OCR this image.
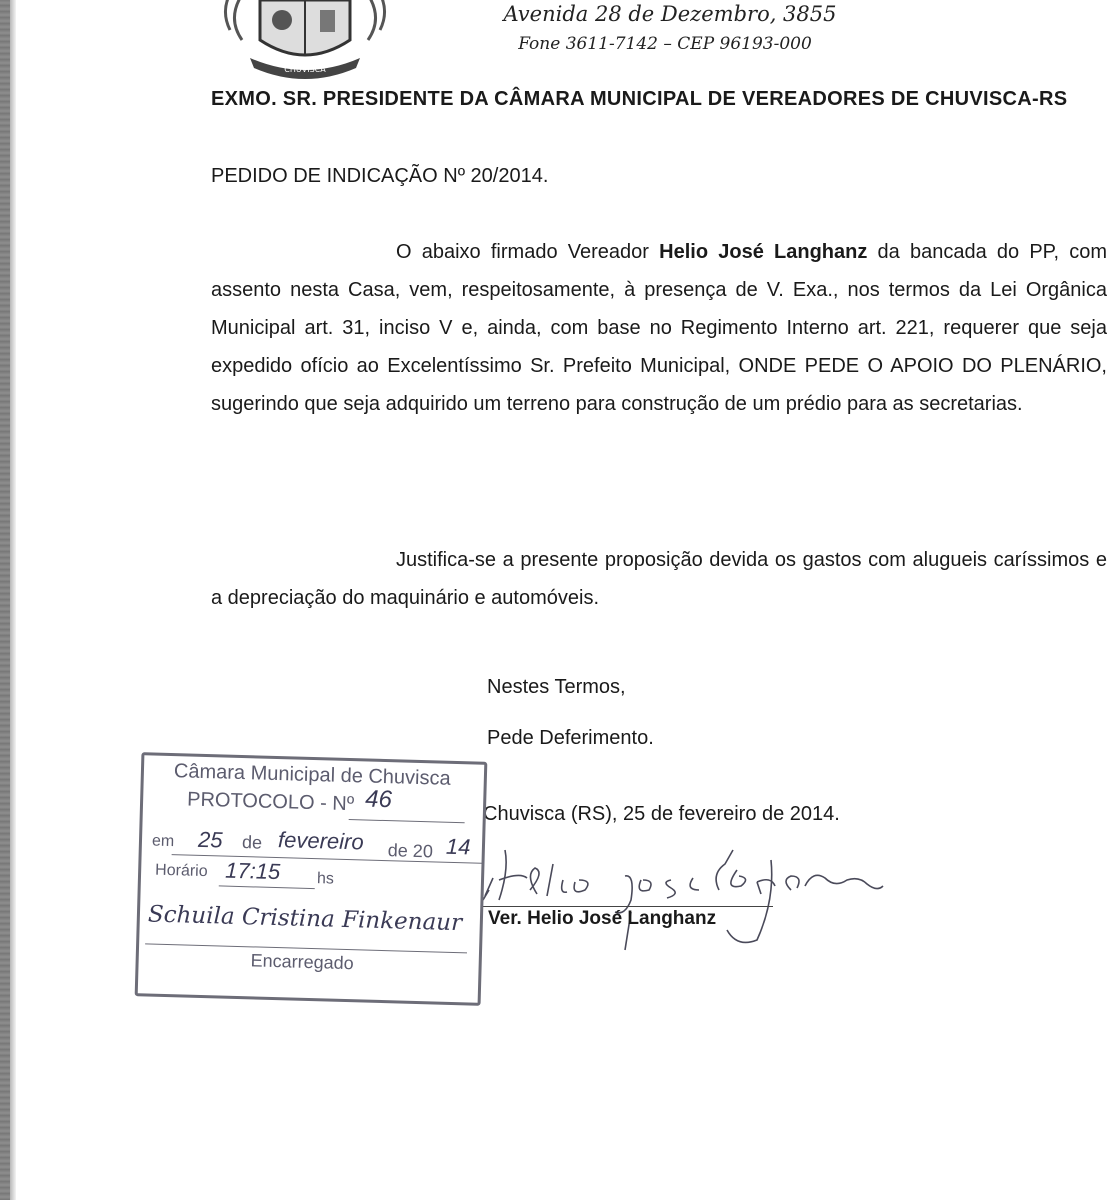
CHUVISCA
Avenida 28 de Dezembro, 3855
Fone 3611-7142 – CEP 96193-000
EXMO. SR. PRESIDENTE DA CÂMARA MUNICIPAL DE VEREADORES DE CHUVISCA-RS
PEDIDO DE INDICAÇÃO Nº 20/2014.
O abaixo firmado Vereador Helio José Langhanz da bancada do PP, com assento nesta Casa, vem, respeitosamente, à presença de V. Exa., nos termos da Lei Orgânica Municipal art. 31, inciso V e, ainda, com base no Regimento Interno art. 221, requerer que seja expedido ofício ao Excelentíssimo Sr. Prefeito Municipal, ONDE PEDE O APOIO DO PLENÁRIO, sugerindo que seja adquirido um terreno para construção de um prédio para as secretarias.
Justifica-se a presente proposição devida os gastos com alugueis caríssimos e a depreciação do maquinário e automóveis.
Nestes Termos,
Pede Deferimento.
Chuvisca (RS), 25 de fevereiro de 2014.
Ver. Helio José Langhanz
Câmara Municipal de Chuvisca
PROTOCOLO - Nº 46
em 25 de fevereiro de 20 14
Horário 17:15 hs
Schuila Cristina Finkenaur
Encarregado
